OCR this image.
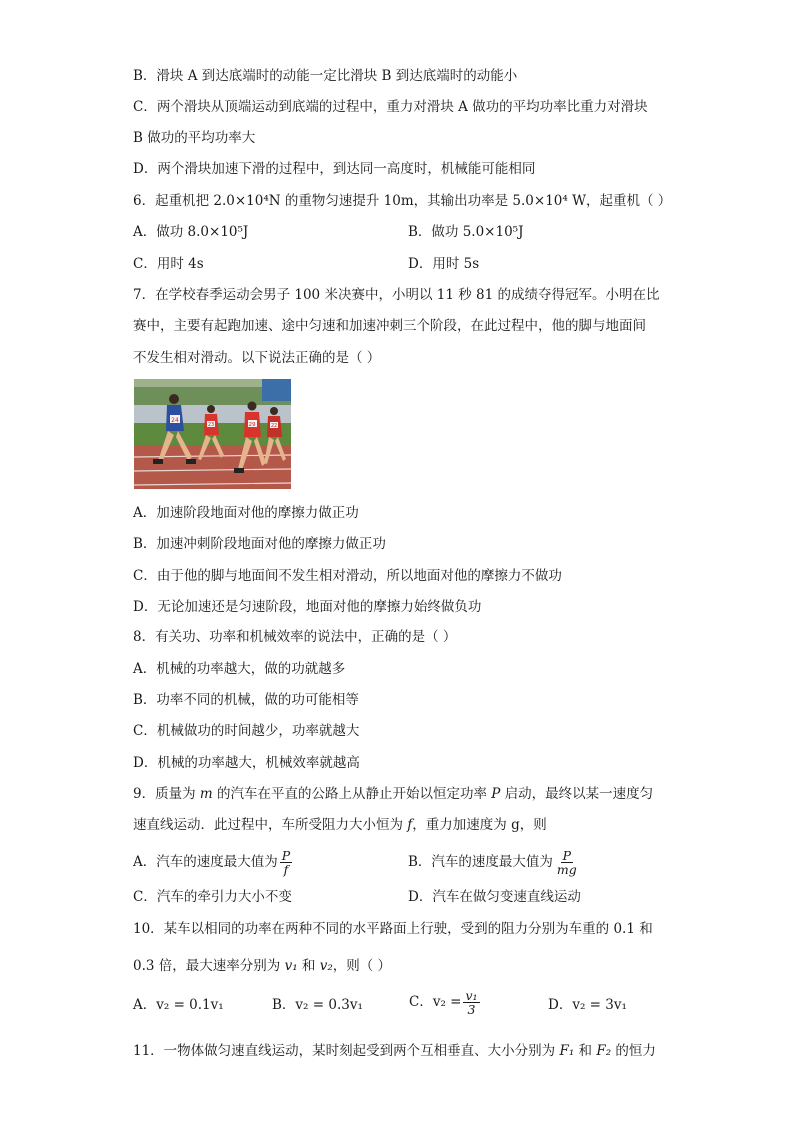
B．滑块 A 到达底端时的动能一定比滑块 B 到达底端时的动能小
C．两个滑块从顶端运动到底端的过程中，重力对滑块 A 做功的平均功率比重力对滑块
B 做功的平均功率大
D．两个滑块加速下滑的过程中，到达同一高度时，机械能可能相同
6．起重机把 2.0×10⁴N 的重物匀速提升 10m，其输出功率是 5.0×10⁴ W，起重机（ ）
A．做功 8.0×10⁵J	B．做功 5.0×10⁵J
C．用时 4s	D．用时 5s
7．在学校春季运动会男子 100 米决赛中，小明以 11 秒 81 的成绩夺得冠军。小明在比
赛中，主要有起跑加速、途中匀速和加速冲刺三个阶段，在此过程中，他的脚与地面间
不发生相对滑动。以下说法正确的是（ ）
24
23	29	22
A．加速阶段地面对他的摩擦力做正功
B．加速冲刺阶段地面对他的摩擦力做正功
C．由于他的脚与地面间不发生相对滑动，所以地面对他的摩擦力不做功
D．无论加速还是匀速阶段，地面对他的摩擦力始终做负功
8．有关功、功率和机械效率的说法中，正确的是（ ）
A．机械的功率越大，做的功就越多
B．功率不同的机械，做的功可能相等
C．机械做功的时间越少，功率就越大
D．机械的功率越大，机械效率就越高
9．质量为 m 的汽车在平直的公路上从静止开始以恒定功率 P 启动，最终以某一速度匀
速直线运动．此过程中，车所受阻力大小恒为 f，重力加速度为 g，则
A．汽车的速度最大值为 $\frac{P}{f}$	B．汽车的速度最大值为 $\frac{P}{mg}$
C．汽车的牵引力大小不变	D．汽车在做匀变速直线运动
10．某车以相同的功率在两种不同的水平路面上行驶，受到的阻力分别为车重的 0.1 和
0.3 倍，最大速率分别为 v₁ 和 v₂，则（ ）
A．v₂ = 0.1v₁	B．v₂ = 0.3v₁	C．$v_2 = \frac{\text{v₁}}{3}$	D．v₂ = 3v₁
11．一物体做匀速直线运动，某时刻起受到两个互相垂直、大小分别为 F₁ 和 F₂ 的恒力
